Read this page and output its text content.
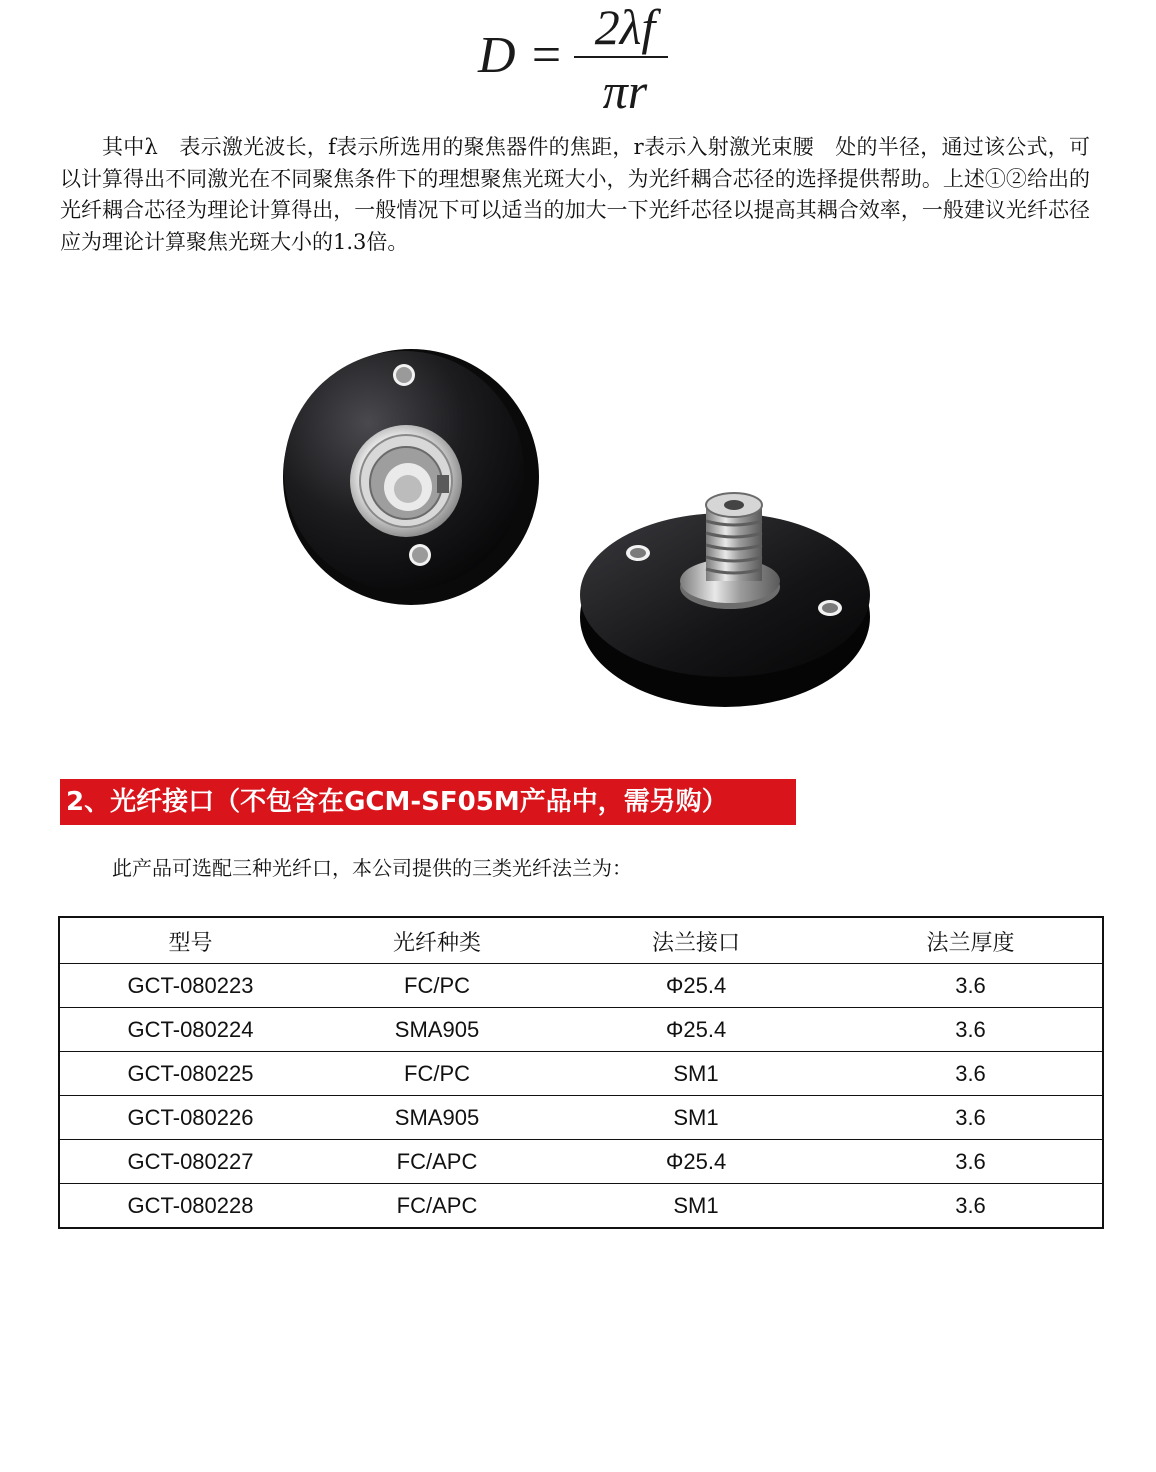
D = 2λf
πr

其中λ　表示激光波长，f表示所选用的聚焦器件的焦距，r表示入射激光束腰　处的半径，通过该公式，可以计算得出不同激光在不同聚焦条件下的理想聚焦光斑大小，为光纤耦合芯径的选择提供帮助。上述①②给出的光纤耦合芯径为理论计算得出，一般情况下可以适当的加大一下光纤芯径以提高其耦合效率，一般建议光纤芯径应为理论计算聚焦光斑大小的1.3倍。

2、光纤接口（不包含在GCM-SF05M产品中，需另购）
此产品可选配三种光纤口，本公司提供的三类光纤法兰为：
型号	光纤种类	法兰接口	法兰厚度
GCT-080223	FC/PC	Φ25.4	3.6
GCT-080224	SMA905	Φ25.4	3.6
GCT-080225	FC/PC	SM1	3.6
GCT-080226	SMA905	SM1	3.6
GCT-080227	FC/APC	Φ25.4	3.6
GCT-080228	FC/APC	SM1	3.6
